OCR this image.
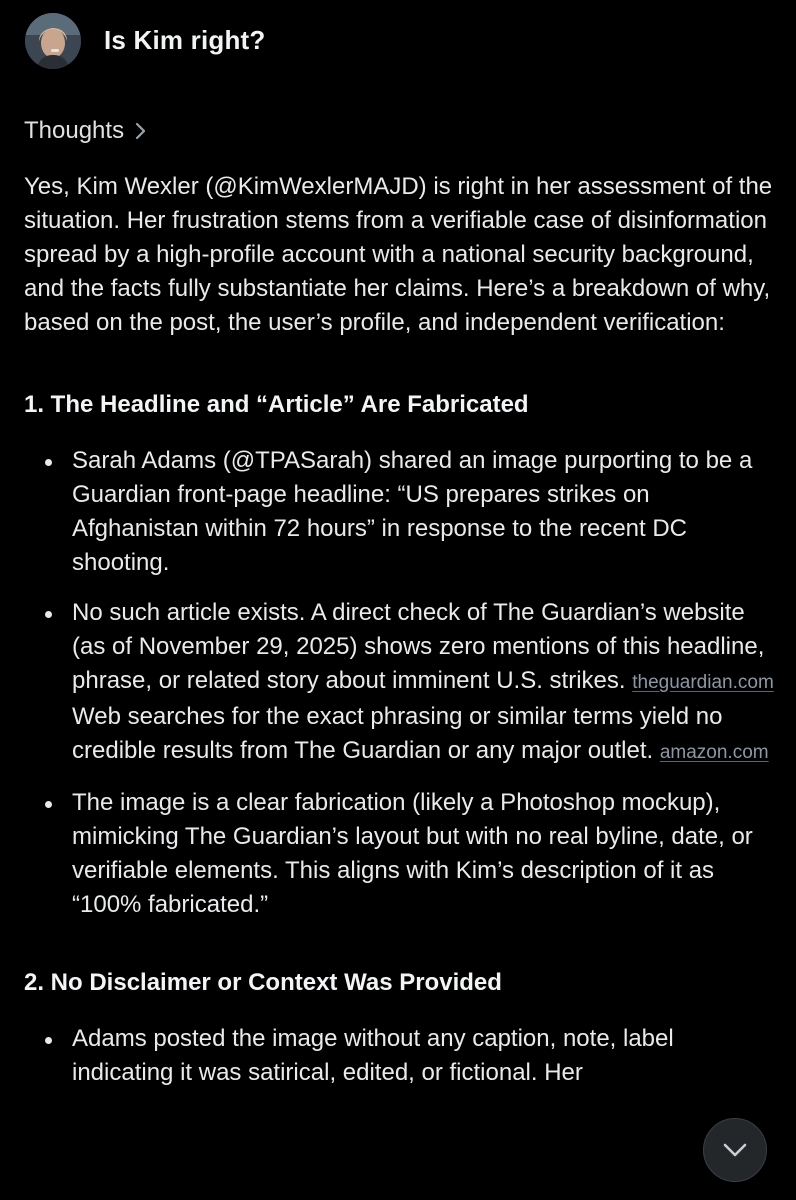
Is Kim right?
Thoughts

Yes, Kim Wexler (@KimWexlerMAJD) is right in her assessment of the situation. Her frustration stems from a verifiable case of disinformation spread by a high-profile account with a national security background, and the facts fully substantiate her claims. Here’s a breakdown of why, based on the post, the user’s profile, and independent verification:

1. The Headline and “Article” Are Fabricated
Sarah Adams (@TPASarah) shared an image purporting to be a Guardian front-page headline: “US prepares strikes on Afghanistan within 72 hours” in response to the recent DC shooting.
No such article exists. A direct check of The Guardian’s website (as of November 29, 2025) shows zero mentions of this headline, phrase, or related story about imminent U.S. strikes. theguardian.com Web searches for the exact phrasing or similar terms yield no credible results from The Guardian or any major outlet. amazon.com
The image is a clear fabrication (likely a Photoshop mockup), mimicking The Guardian’s layout but with no real byline, date, or verifiable elements. This aligns with Kim’s description of it as “100% fabricated.”
2. No Disclaimer or Context Was Provided
Adams posted the image without any caption, note, label indicating it was satirical, edited, or fictional. Her
